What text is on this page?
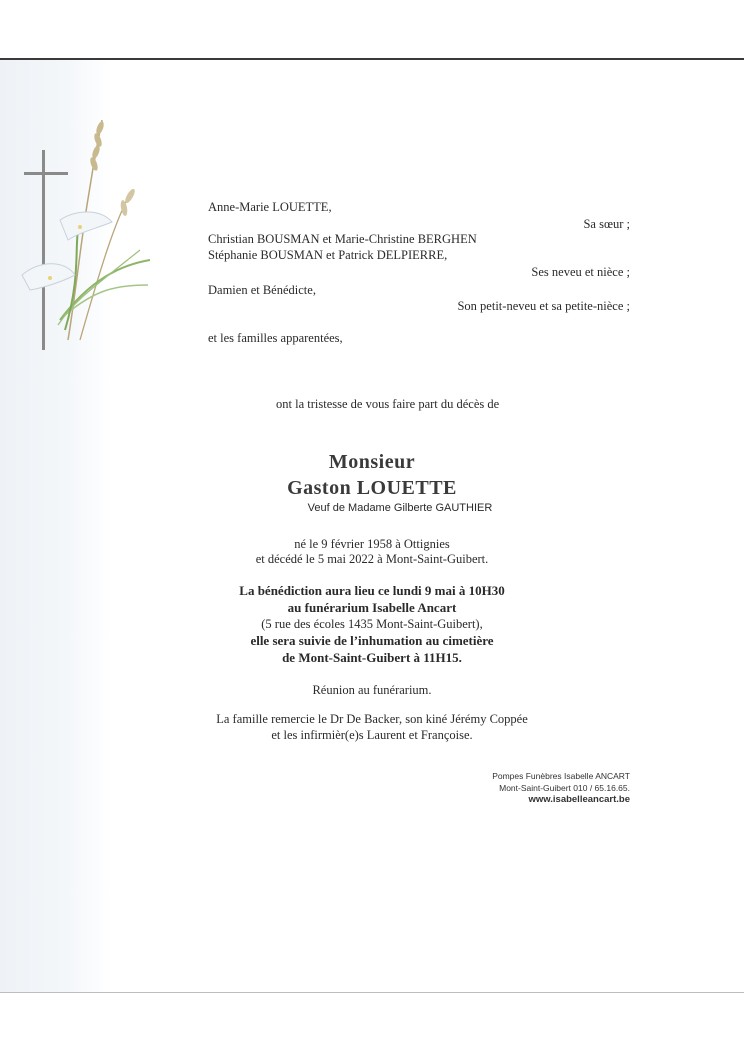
Anne-Marie LOUETTE,
Sa sœur ;
Christian BOUSMAN et Marie-Christine BERGHEN
Stéphanie BOUSMAN et Patrick DELPIERRE,
Ses neveu et nièce ;
Damien et Bénédicte,
Son petit-neveu et sa petite-nièce ;
et les familles apparentées,
ont la tristesse de vous faire part du décès de
Monsieur
Gaston LOUETTE
Veuf de Madame Gilberte GAUTHIER
né le 9 février 1958 à Ottignies
et décédé le 5 mai 2022 à Mont-Saint-Guibert.
La bénédiction aura lieu ce lundi 9 mai à 10H30
au funérarium Isabelle Ancart
(5 rue des écoles 1435 Mont-Saint-Guibert),
elle sera suivie de l’inhumation au cimetière
de Mont-Saint-Guibert à 11H15.
Réunion au funérarium.
La famille remercie le Dr De Backer, son kiné Jérémy Coppée
et les infirmièr(e)s Laurent et Françoise.
Pompes Funèbres Isabelle ANCART
Mont-Saint-Guibert 010 / 65.16.65.
www.isabelleancart.be
